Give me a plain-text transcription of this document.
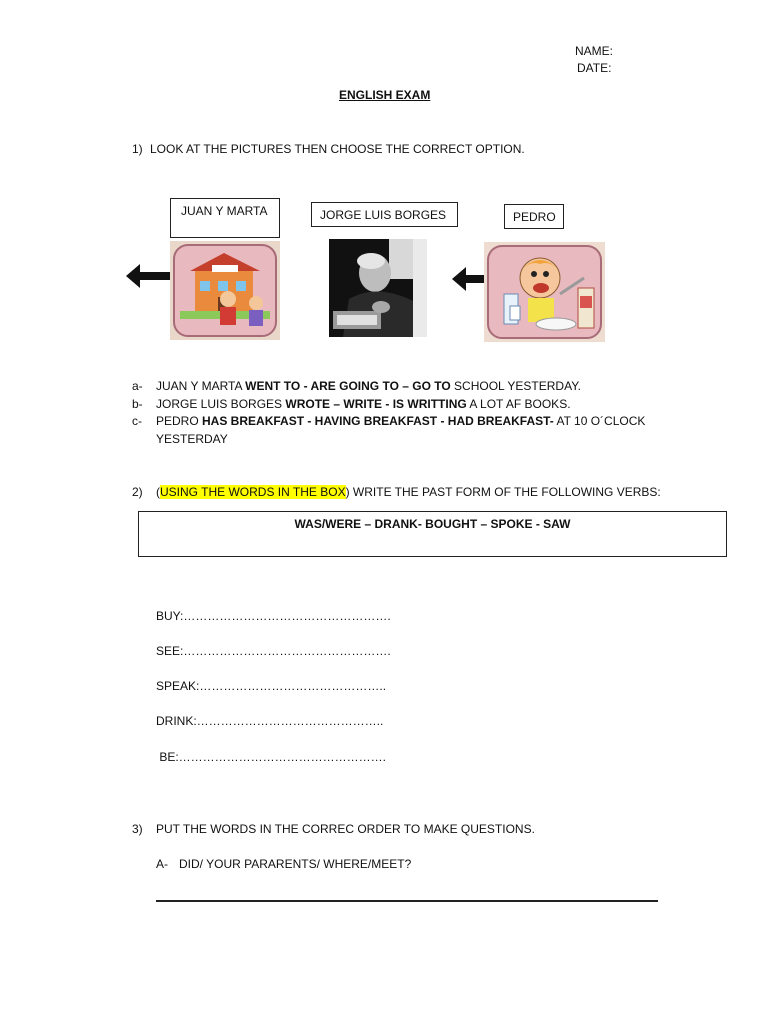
NAME:
DATE:
ENGLISH EXAM
1) LOOK AT THE PICTURES THEN CHOOSE THE CORRECT OPTION.
JUAN Y MARTA	JORGE LUIS BORGES	PEDRO
a- JUAN Y MARTA WENT TO - ARE GOING TO – GO TO SCHOOL YESTERDAY.
b- JORGE LUIS BORGES WROTE – WRITE - IS WRITTING A LOT AF BOOKS.
c- PEDRO HAS BREAKFAST - HAVING BREAKFAST - HAD BREAKFAST- AT 10 O´CLOCK
YESTERDAY
2) (USING THE WORDS IN THE BOX) WRITE THE PAST FORM OF THE FOLLOWING VERBS:
WAS/WERE – DRANK- BOUGHT – SPOKE - SAW
BUY:…………………………………………….
SEE:…………………………………………….
SPEAK:………………………………………..
DRINK:………………………………………..
BE:…………………………………………….
3) PUT THE WORDS IN THE CORREC ORDER TO MAKE QUESTIONS.
A- DID/ YOUR PARARENTS/ WHERE/MEET?
